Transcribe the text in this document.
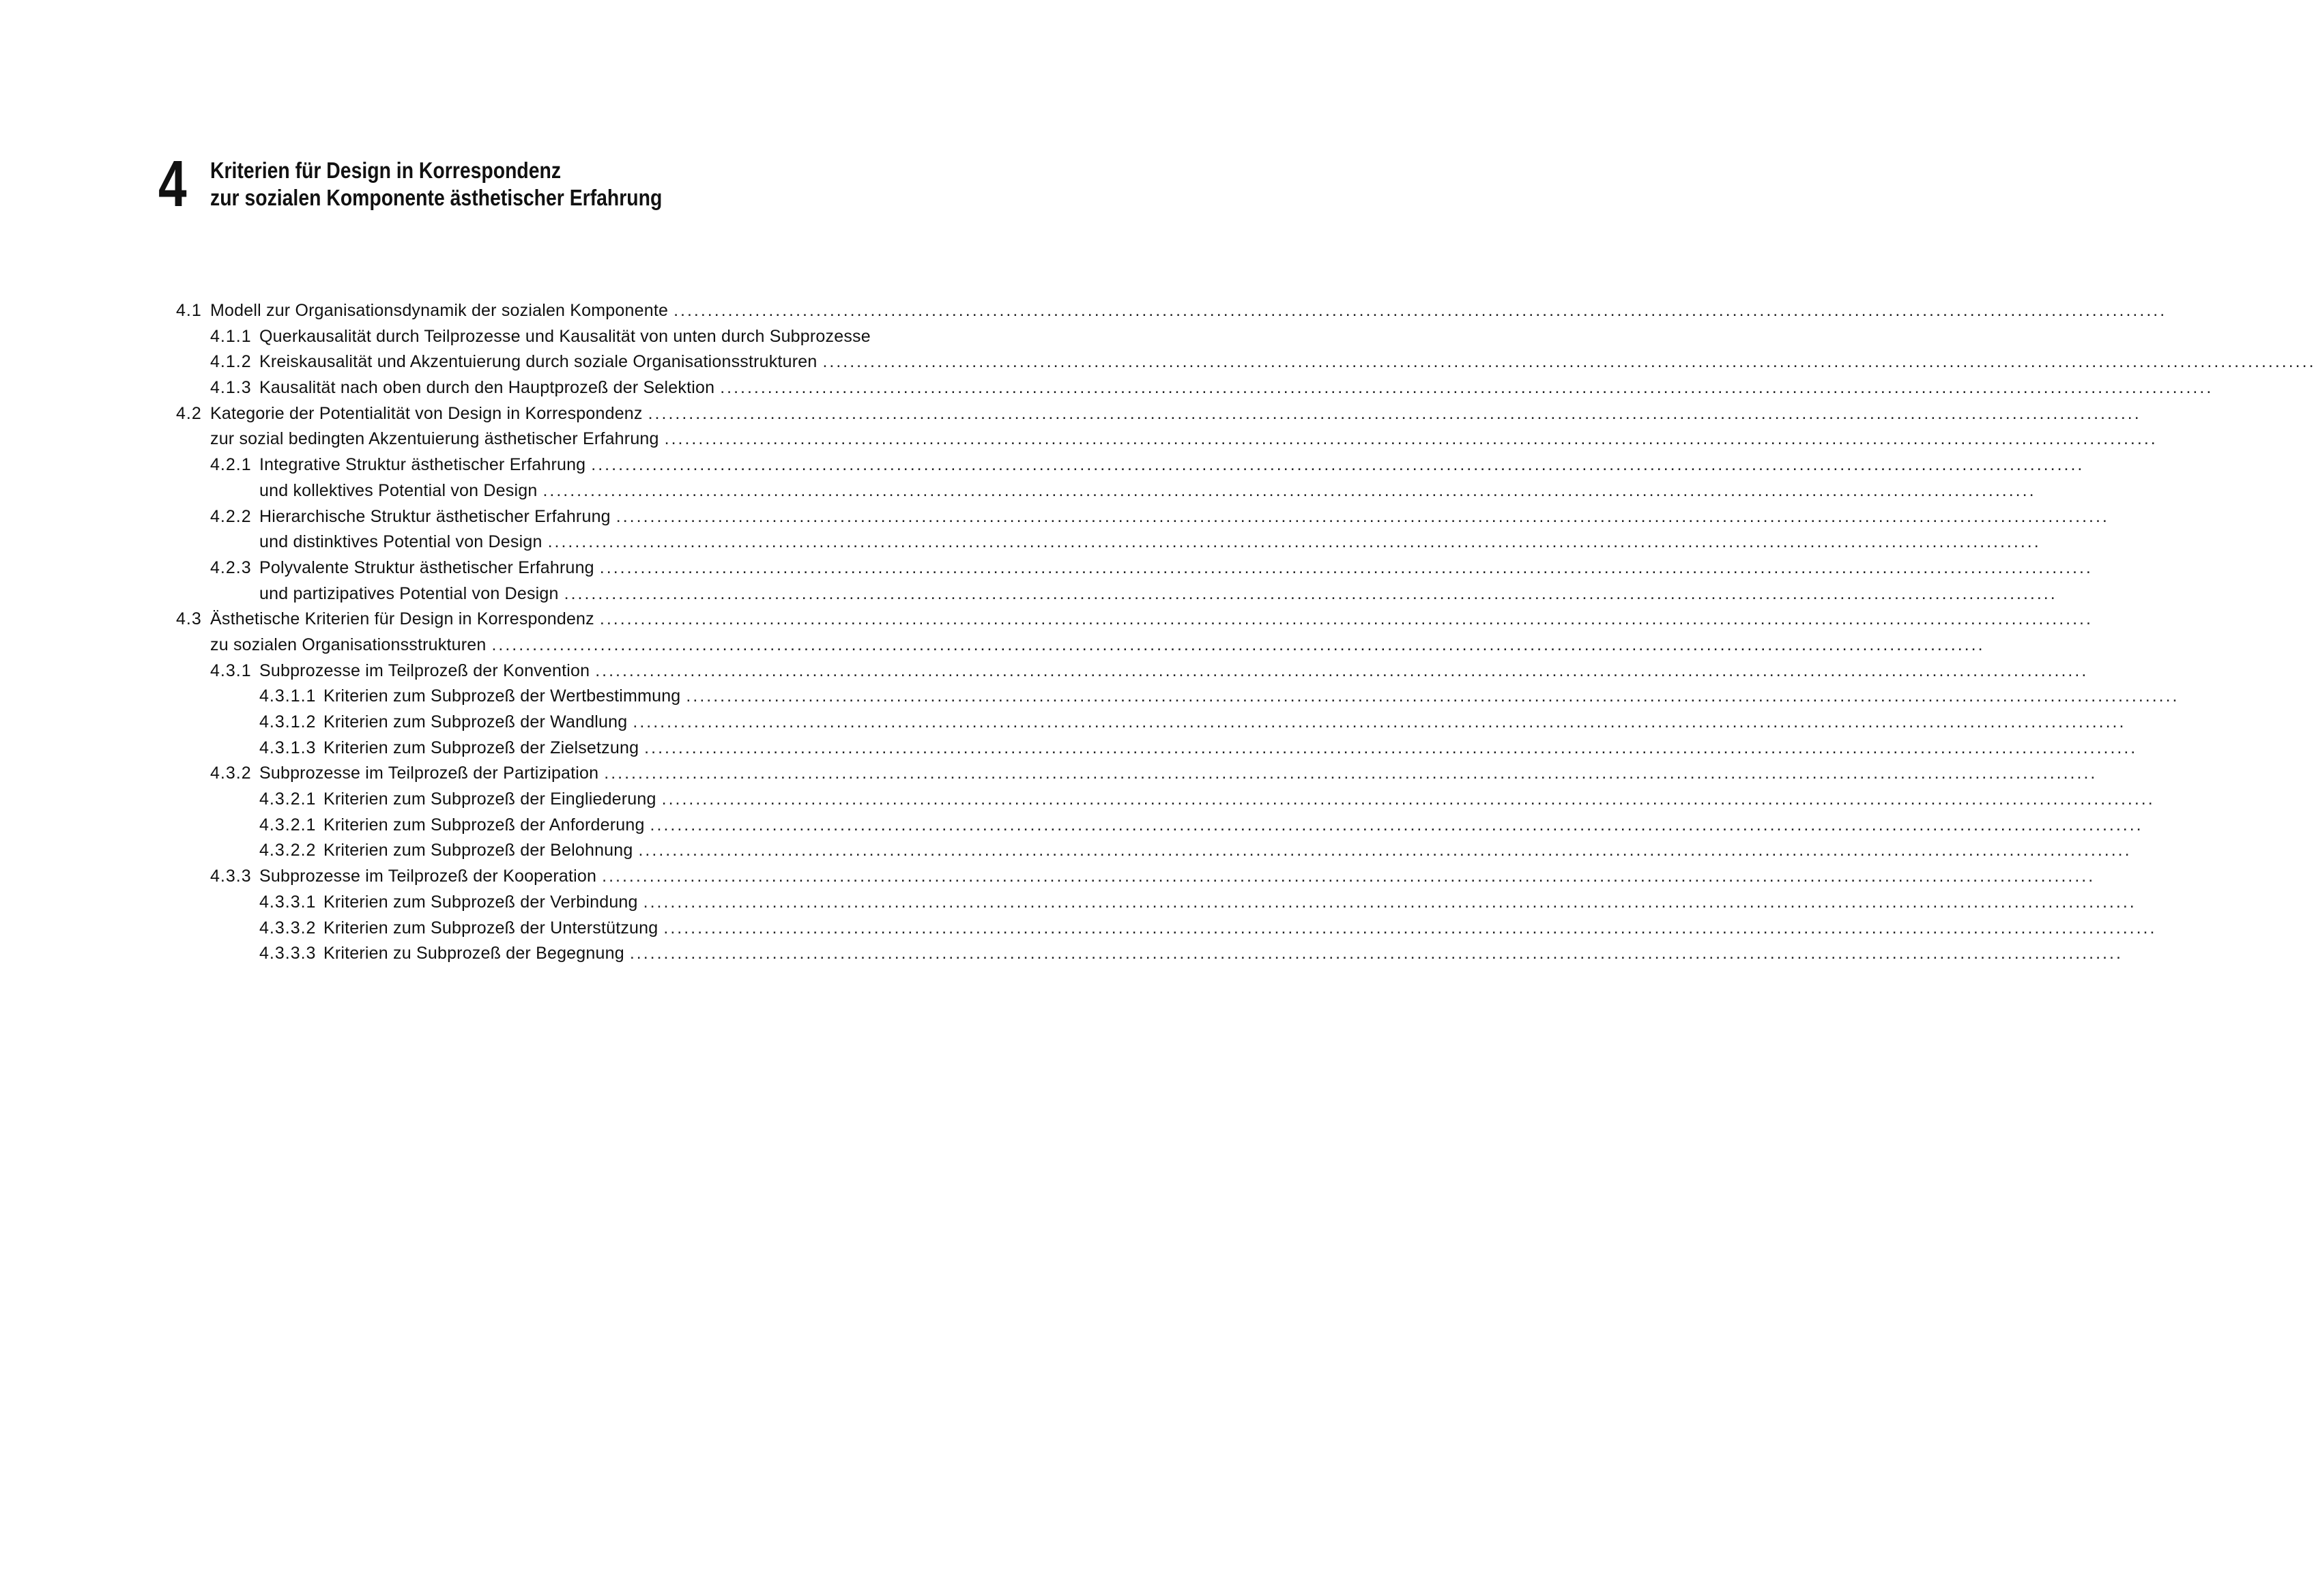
4 Kriterien für Design in Korrespondenz
zur sozialen Komponente ästhetischer Erfahrung
4.1 Modell zur Organisationsdynamik der sozialen Komponente ............................................................................................................................................................................................................................
4.1.1 Querkausalität durch Teilprozesse und Kausalität von unten durch Subprozesse
4.1.2 Kreiskausalität und Akzentuierung durch soziale Organisationsstrukturen ............................................................................................................................................................................................................................
4.1.3 Kausalität nach oben durch den Hauptprozeß der Selektion ............................................................................................................................................................................................................................
4.2 Kategorie der Potentialität von Design in Korrespondenz ............................................................................................................................................................................................................................
zur sozial bedingten Akzentuierung ästhetischer Erfahrung ............................................................................................................................................................................................................................
4.2.1 Integrative Struktur ästhetischer Erfahrung ............................................................................................................................................................................................................................
und kollektives Potential von Design ............................................................................................................................................................................................................................
4.2.2 Hierarchische Struktur ästhetischer Erfahrung ............................................................................................................................................................................................................................
und distinktives Potential von Design ............................................................................................................................................................................................................................
4.2.3 Polyvalente Struktur ästhetischer Erfahrung ............................................................................................................................................................................................................................
und partizipatives Potential von Design ............................................................................................................................................................................................................................
4.3 Ästhetische Kriterien für Design in Korrespondenz ............................................................................................................................................................................................................................
zu sozialen Organisationsstrukturen ............................................................................................................................................................................................................................
4.3.1 Subprozesse im Teilprozeß der Konvention ............................................................................................................................................................................................................................
4.3.1.1 Kriterien zum Subprozeß der Wertbestimmung ............................................................................................................................................................................................................................
4.3.1.2 Kriterien zum Subprozeß der Wandlung ............................................................................................................................................................................................................................
4.3.1.3 Kriterien zum Subprozeß der Zielsetzung ............................................................................................................................................................................................................................
4.3.2 Subprozesse im Teilprozeß der Partizipation ............................................................................................................................................................................................................................
4.3.2.1 Kriterien zum Subprozeß der Eingliederung ............................................................................................................................................................................................................................
4.3.2.1 Kriterien zum Subprozeß der Anforderung ............................................................................................................................................................................................................................
4.3.2.2 Kriterien zum Subprozeß der Belohnung ............................................................................................................................................................................................................................
4.3.3 Subprozesse im Teilprozeß der Kooperation ............................................................................................................................................................................................................................
4.3.3.1 Kriterien zum Subprozeß der Verbindung ............................................................................................................................................................................................................................
4.3.3.2 Kriterien zum Subprozeß der Unterstützung ............................................................................................................................................................................................................................
4.3.3.3 Kriterien zu Subprozeß der Begegnung ............................................................................................................................................................................................................................
